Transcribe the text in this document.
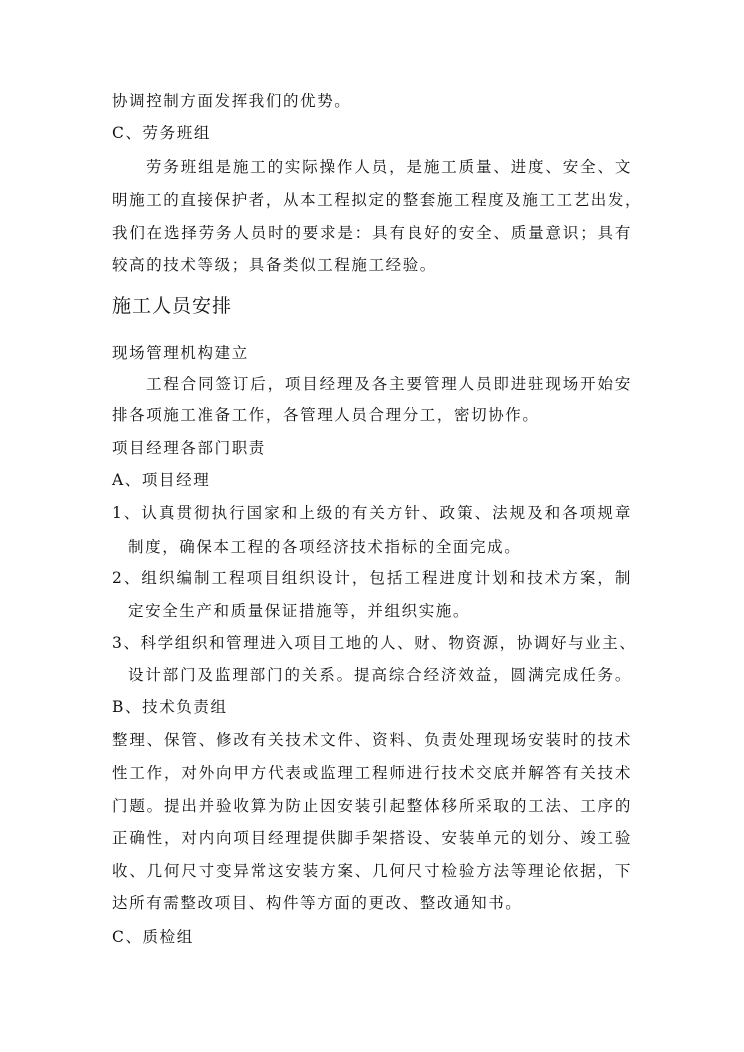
协调控制方面发挥我们的优势。
C、劳务班组
劳务班组是施工的实际操作人员，是施工质量、进度、安全、文
明施工的直接保护者，从本工程拟定的整套施工程度及施工工艺出发，
我们在选择劳务人员时的要求是：具有良好的安全、质量意识；具有
较高的技术等级；具备类似工程施工经验。
施工人员安排
现场管理机构建立
工程合同签订后，项目经理及各主要管理人员即进驻现场开始安
排各项施工准备工作，各管理人员合理分工，密切协作。
项目经理各部门职责
A、项目经理
1、认真贯彻执行国家和上级的有关方针、政策、法规及和各项规章
制度，确保本工程的各项经济技术指标的全面完成。
2、组织编制工程项目组织设计，包括工程进度计划和技术方案，制
定安全生产和质量保证措施等，并组织实施。
3、科学组织和管理进入项目工地的人、财、物资源，协调好与业主、
设计部门及监理部门的关系。提高综合经济效益，圆满完成任务。
B、技术负责组
整理、保管、修改有关技术文件、资料、负责处理现场安装时的技术
性工作，对外向甲方代表或监理工程师进行技术交底并解答有关技术
门题。提出并验收算为防止因安装引起整体移所采取的工法、工序的
正确性，对内向项目经理提供脚手架搭设、安装单元的划分、竣工验
收、几何尺寸变异常这安装方案、几何尺寸检验方法等理论依据，下
达所有需整改项目、构件等方面的更改、整改通知书。
C、质检组
